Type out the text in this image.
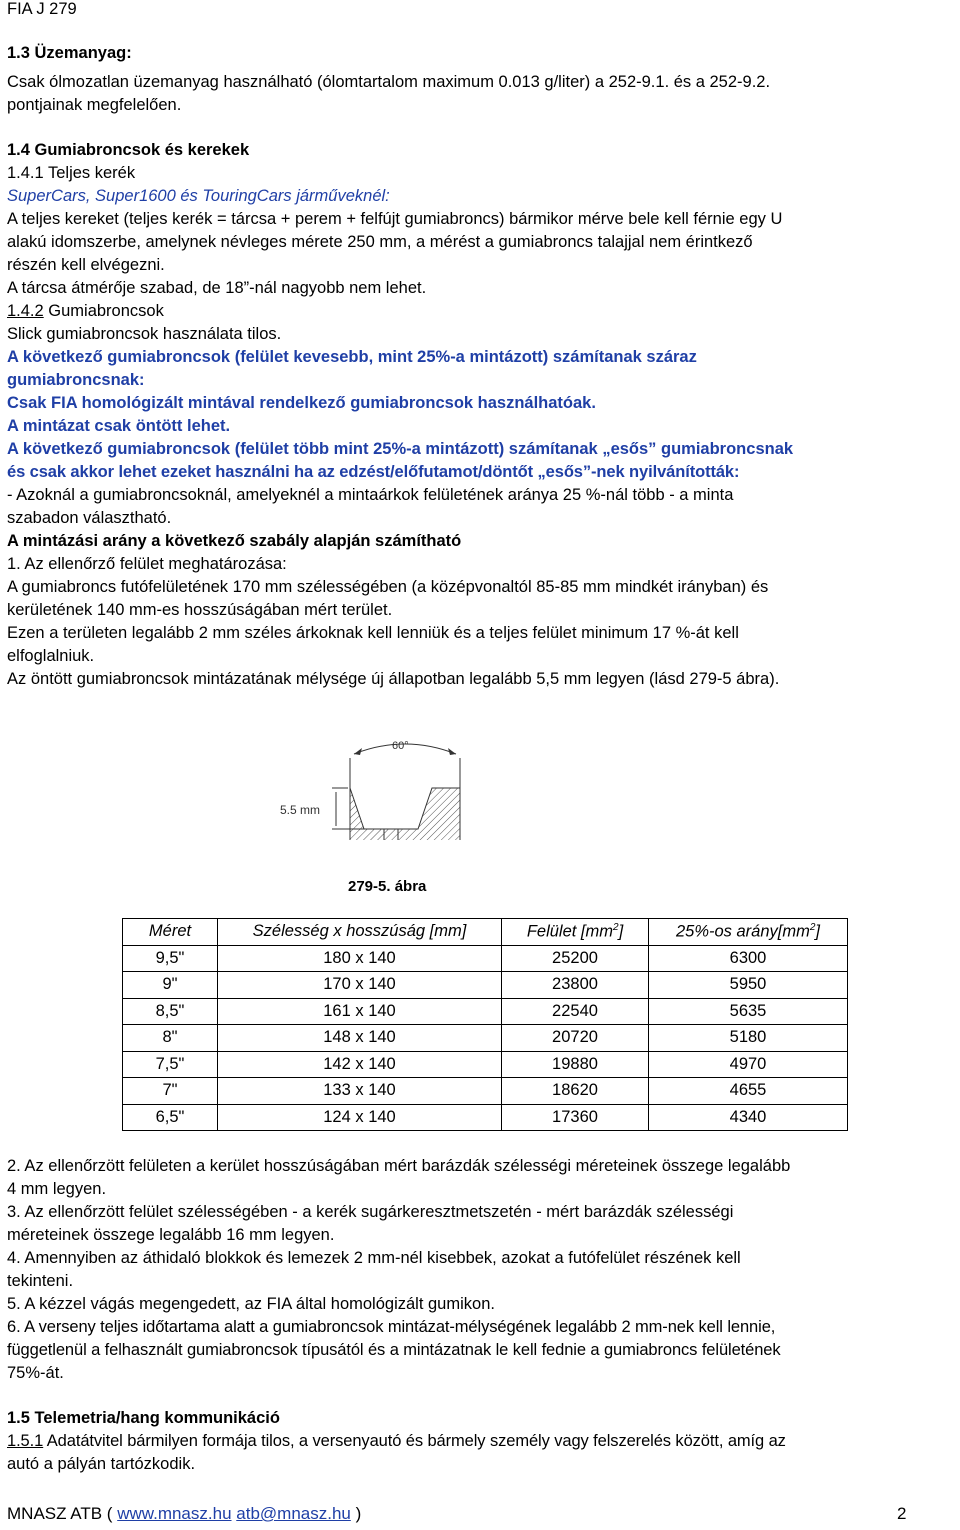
FIA J 279
1.3 Üzemanyag:
Csak ólmozatlan üzemanyag használható (ólomtartalom maximum 0.013 g/liter) a 252-9.1. és a 252-9.2.
pontjainak megfelelően.
1.4 Gumiabroncsok és kerekek
1.4.1 Teljes kerék
SuperCars, Super1600 és TouringCars járműveknél:
A teljes kereket (teljes kerék = tárcsa + perem + felfújt gumiabroncs) bármikor mérve bele kell férnie egy U
alakú idomszerbe, amelynek névleges mérete 250 mm, a mérést a gumiabroncs talajjal nem érintkező
részén kell elvégezni.
A tárcsa átmérője szabad, de 18”-nál nagyobb nem lehet.
1.4.2 Gumiabroncsok
Slick gumiabroncsok használata tilos.
A következő gumiabroncsok (felület kevesebb, mint 25%-a mintázott) számítanak száraz
gumiabroncsnak:
Csak FIA homológizált mintával rendelkező gumiabroncsok használhatóak.
A mintázat csak öntött lehet.
A következő gumiabroncsok (felület több mint 25%-a mintázott) számítanak „esős” gumiabroncsnak
és csak akkor lehet ezeket használni ha az edzést/előfutamot/döntőt „esős”-nek nyilvánították:
- Azoknál a gumiabroncsoknál, amelyeknél a mintaárkok felületének aránya 25 %-nál több - a minta
szabadon választható.
A mintázási arány a következő szabály alapján számítható
1. Az ellenőrző felület meghatározása:
A gumiabroncs futófelületének 170 mm szélességében (a középvonaltól 85-85 mm mindkét irányban) és
kerületének 140 mm-es hosszúságában mért terület.
Ezen a területen legalább 2 mm széles árkoknak kell lenniük és a teljes felület minimum 17 %-át kell
elfoglalniuk.
Az öntött gumiabroncsok mintázatának mélysége új állapotban legalább 5,5 mm legyen (lásd 279-5 ábra).
60°
5.5 mm
279-5. ábra
Méret	Szélesség x hosszúság [mm]	Felület $[mm^2]$	25%-os $arány[mm^2]$
9,5"	180 x 140	25200	6300
9"	170 x 140	23800	5950
8,5"	161 x 140	22540	5635
8"	148 x 140	20720	5180
7,5"	142 x 140	19880	4970
7"	133 x 140	18620	4655
6,5"	124 x 140	17360	4340
2. Az ellenőrzött felületen a kerület hosszúságában mért barázdák szélességi méreteinek összege legalább
4 mm legyen.
3. Az ellenőrzött felület szélességében - a kerék sugárkeresztmetszetén - mért barázdák szélességi
méreteinek összege legalább 16 mm legyen.
4. Amennyiben az áthidaló blokkok és lemezek 2 mm-nél kisebbek, azokat a futófelület részének kell
tekinteni.
5. A kézzel vágás megengedett, az FIA által homológizált gumikon.
6. A verseny teljes időtartama alatt a gumiabroncsok mintázat-mélységének legalább 2 mm-nek kell lennie,
függetlenül a felhasznált gumiabroncsok típusától és a mintázatnak le kell fednie a gumiabroncs felületének
75%-át.
1.5 Telemetria/hang kommunikáció
1.5.1 Adatátvitel bármilyen formája tilos, a versenyautó és bármely személy vagy felszerelés között, amíg az
autó a pályán tartózkodik.
MNASZ ATB ( www.mnasz.hu atb@mnasz.hu )	2
